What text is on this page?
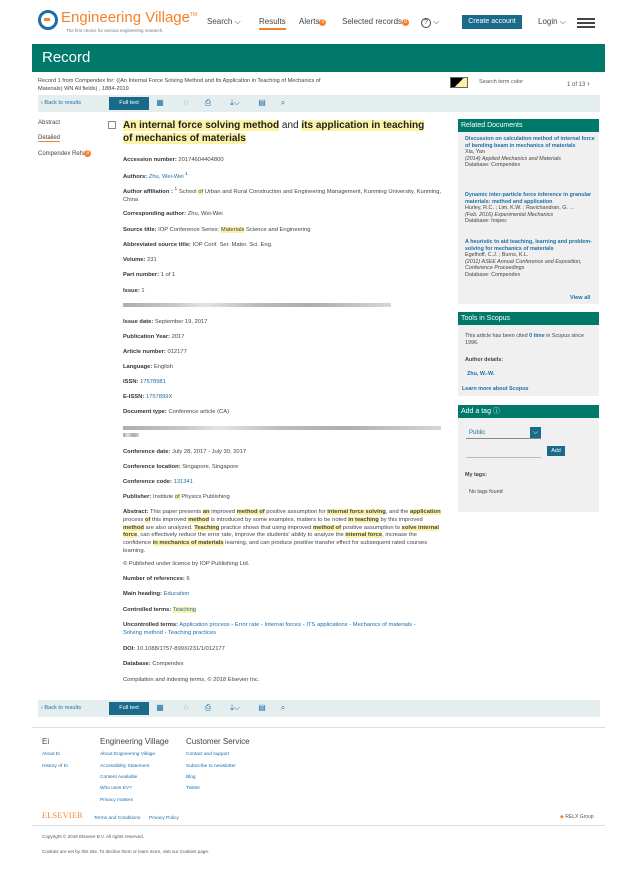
Engineering Village™
The first choice for serious engineering research.
Search ⌵ Results Alerts 0 Selected records 0	? ⌵	Create account	Login ⌵
Record
Record 1 from Compendex for: ((An Internal Force Solving Method and Its Application in Teaching of Mechanics of Materials) WN All fields) , 1884-2019
Search term color	1 of 13 ›
‹ Back to results	Full text	▦	◌	⎙	⤓⌵	▤	⌕
Abstract
Detailed
Compendex Refs 0
An internal force solving method and its application in teaching of mechanics of materials
Accession number: 20174604404800
Authors: Zhu, Wei-Wei $^1$
Author affiliation : $^1$ School of Urban and Rural Construction and Engineering Management, Kunming University, Kunming, China
Corresponding author: Zhu, Wei-Wei
Source title: IOP Conference Series: Materials Science and Engineering
Abbreviated source title: IOP Conf. Ser. Mater. Sci. Eng.
Volume: 231
Part number: 1 of 1
Issue: 1
Issue date: September 19, 2017
Publication Year: 2017
Article number: 012177
Language: English
ISSN: 17578981
E-ISSN: 1757899X
Document type: Conference article (CA)
Conference date: July 28, 2017 - July 30, 2017
Conference location: Singapore, Singapore
Conference code: 131341
Publisher: Institute of Physics Publishing
Abstract: This paper presents an improved method of positive assumption for internal force solving, and the application process of this improved method is introduced by some examples, matters to be noted in teaching by this improved method are also analyzed. Teaching practice shows that using improved method of positive assumption to solve internal force, can effectively reduce the error rate, improve the students' ability to analyze the internal force, increase the confidence in mechanics of materials learning, and can produce positive transfer effect for subsequent rated courses learning.
© Published under licence by IOP Publishing Ltd.
Number of references: 6
Main heading: Education
Controlled terms: Teaching
Uncontrolled terms: Application process - Error rate - Internal forces - ITS applications - Mechanics of materials - Solving method - Teaching practices
DOI: 10.1088/1757-899X/231/1/012177
Database: Compendex
Compilation and indexing terms, © 2018 Elsevier Inc.
‹ Back to results	Full text	▦	◌	⎙	⤓⌵	▤	⌕
Related Documents
Discussion on calculation method of internal force of bending beam in mechanics of materials
Xia, Yan
(2014) Applied Mechanics and Materials
Database: Compendex
Dynamic inter-particle force inference in granular materials: method and application
Hurley, R.C. ; Lim, K.W. ; Ravichandran, G. ...
(Feb. 2016) Experimental Mechanics
Database: Inspec
A heuristic to aid teaching, learning and problem-solving for mechanics of materials
Egelhoff, C.J. ; Burns, K.L.
(2011) ASEE Annual Conference and Exposition, Conference Proceedings
Database: Compendex
View all
Tools in Scopus
This article has been cited 0 time in Scopus since 1996.
Author details:
Zhu, W.-W.
Learn more about Scopus
Add a tag ⓘ
Public	⌵
Add
My tags:
No tags found
Ei	Engineering Village Customer Service
About Ei
History of Ei
About Engineering Village
Accessibility Statement
Content Available
Who uses EV?
Privacy matters
Contact and support
Subscribe to newsletter
Blog
Twitter
ELSEVIER Terms and Conditions Privacy Policy	◆ RELX Group
Copyright © 2018 Elsevier B.V. All rights reserved.
Cookies are set by this site. To decline them or learn more, visit our Cookies page.
